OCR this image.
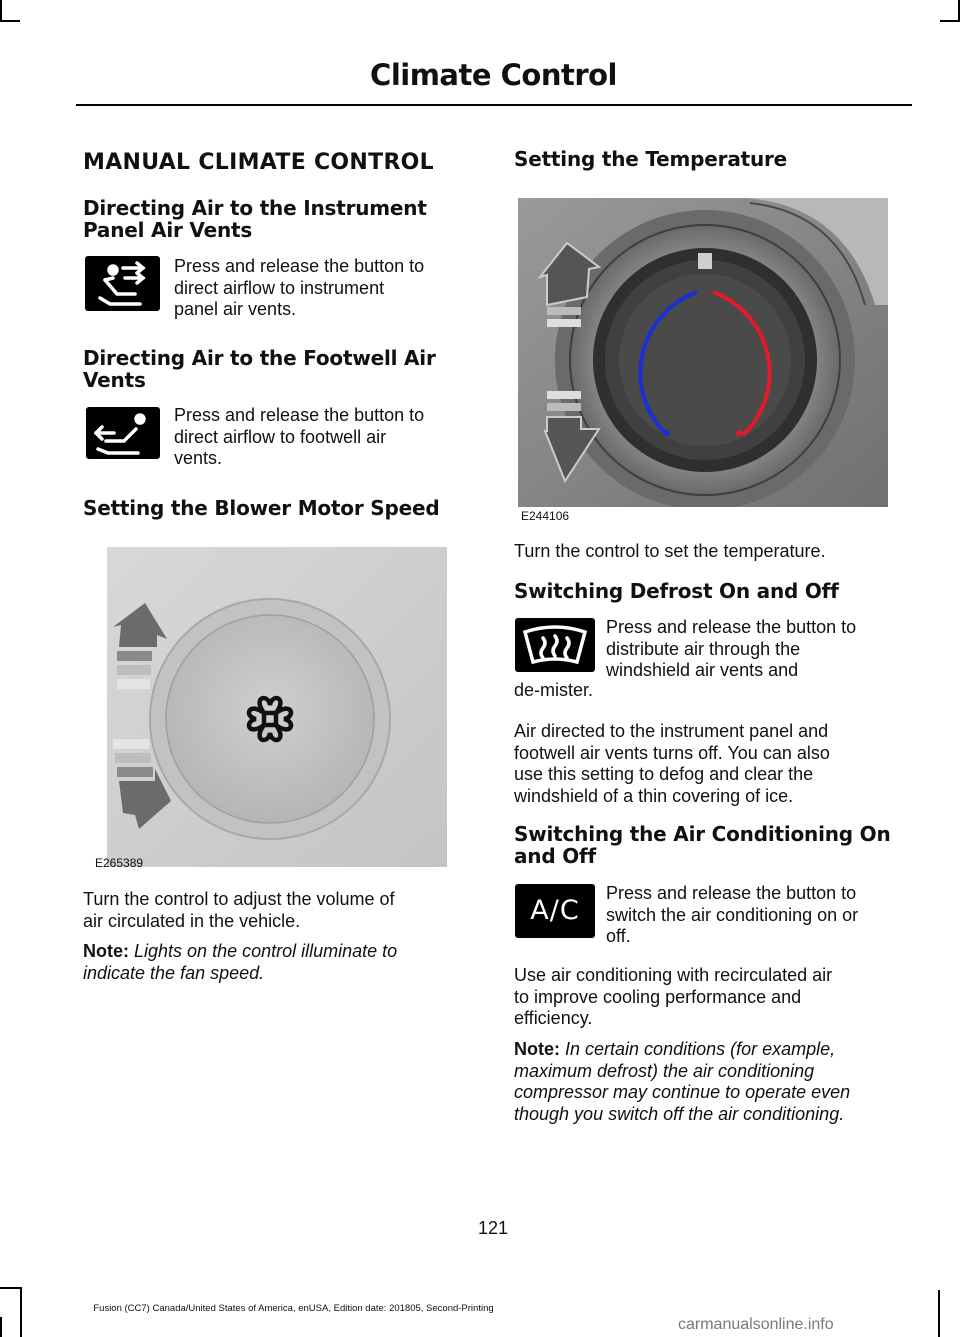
Climate Control
MANUAL CLIMATE CONTROL
Directing Air to the Instrument
Panel Air Vents
Press and release the button to
direct airflow to instrument
panel air vents.
Directing Air to the Footwell Air
Vents
Press and release the button to
direct airflow to footwell air
vents.
Setting the Blower Motor Speed
E265389
Turn the control to adjust the volume of
air circulated in the vehicle.
Note: Lights on the control illuminate to
indicate the fan speed.
Setting the Temperature
E244106
Turn the control to set the temperature.
Switching Defrost On and Off
Press and release the button to
distribute air through the
windshield air vents and
de-mister.
Air directed to the instrument panel and
footwell air vents turns off. You can also
use this setting to defog and clear the
windshield of a thin covering of ice.
Switching the Air Conditioning On
and Off
A/C
Press and release the button to
switch the air conditioning on or
off.
Use air conditioning with recirculated air
to improve cooling performance and
efficiency.
Note: In certain conditions (for example,
maximum defrost) the air conditioning
compressor may continue to operate even
though you switch off the air conditioning.
121
Fusion (CC7) Canada/United States of America, enUSA, Edition date: 201805, Second-Printing
carmanualsonline.info
